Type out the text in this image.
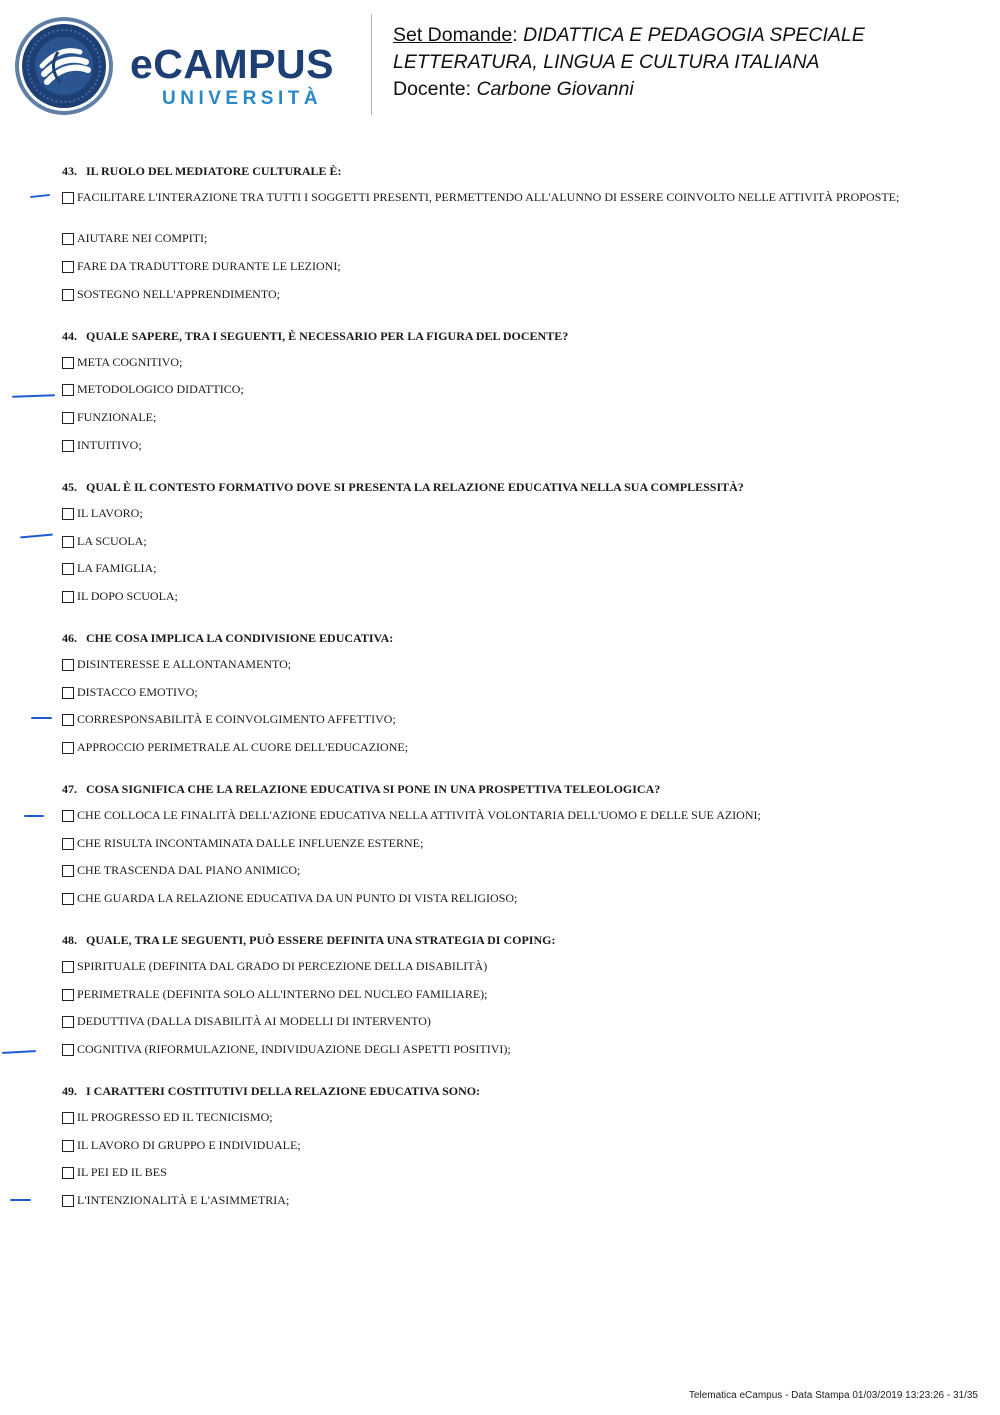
eCAMPUS
UNIVERSITÀ
Set Domande: DIDATTICA E PEDAGOGIA SPECIALE
LETTERATURA, LINGUA E CULTURA ITALIANA
Docente: Carbone Giovanni
43. IL RUOLO DEL MEDIATORE CULTURALE È:
FACILITARE L'INTERAZIONE TRA TUTTI I SOGGETTI PRESENTI, PERMETTENDO ALL'ALUNNO DI ESSERE COINVOLTO NELLE ATTIVITÀ PROPOSTE;
AIUTARE NEI COMPITI;
FARE DA TRADUTTORE DURANTE LE LEZIONI;
SOSTEGNO NELL'APPRENDIMENTO;
44. QUALE SAPERE, TRA I SEGUENTI, È NECESSARIO PER LA FIGURA DEL DOCENTE?
META COGNITIVO;
METODOLOGICO DIDATTICO;
FUNZIONALE;
INTUITIVO;
45. QUAL È IL CONTESTO FORMATIVO DOVE SI PRESENTA LA RELAZIONE EDUCATIVA NELLA SUA COMPLESSITÀ?
IL LAVORO;
LA SCUOLA;
LA FAMIGLIA;
IL DOPO SCUOLA;
46. CHE COSA IMPLICA LA CONDIVISIONE EDUCATIVA:
DISINTERESSE E ALLONTANAMENTO;
DISTACCO EMOTIVO;
CORRESPONSABILITÀ E COINVOLGIMENTO AFFETTIVO;
APPROCCIO PERIMETRALE AL CUORE DELL'EDUCAZIONE;
47. COSA SIGNIFICA CHE LA RELAZIONE EDUCATIVA SI PONE IN UNA PROSPETTIVA TELEOLOGICA?
CHE COLLOCA LE FINALITÀ DELL'AZIONE EDUCATIVA NELLA ATTIVITÀ VOLONTARIA DELL'UOMO E DELLE SUE AZIONI;
CHE RISULTA INCONTAMINATA DALLE INFLUENZE ESTERNE;
CHE TRASCENDA DAL PIANO ANIMICO;
CHE GUARDA LA RELAZIONE EDUCATIVA DA UN PUNTO DI VISTA RELIGIOSO;
48. QUALE, TRA LE SEGUENTI, PUÒ ESSERE DEFINITA UNA STRATEGIA DI COPING:
SPIRITUALE (DEFINITA DAL GRADO DI PERCEZIONE DELLA DISABILITÀ)
PERIMETRALE (DEFINITA SOLO ALL'INTERNO DEL NUCLEO FAMILIARE);
DEDUTTIVA (DALLA DISABILITÀ AI MODELLI DI INTERVENTO)
COGNITIVA (RIFORMULAZIONE, INDIVIDUAZIONE DEGLI ASPETTI POSITIVI);
49. I CARATTERI COSTITUTIVI DELLA RELAZIONE EDUCATIVA SONO:
IL PROGRESSO ED IL TECNICISMO;
IL LAVORO DI GRUPPO E INDIVIDUALE;
IL PEI ED IL BES
L'INTENZIONALITÀ E L'ASIMMETRIA;
Telematica eCampus - Data Stampa 01/03/2019 13:23:26 - 31/35
